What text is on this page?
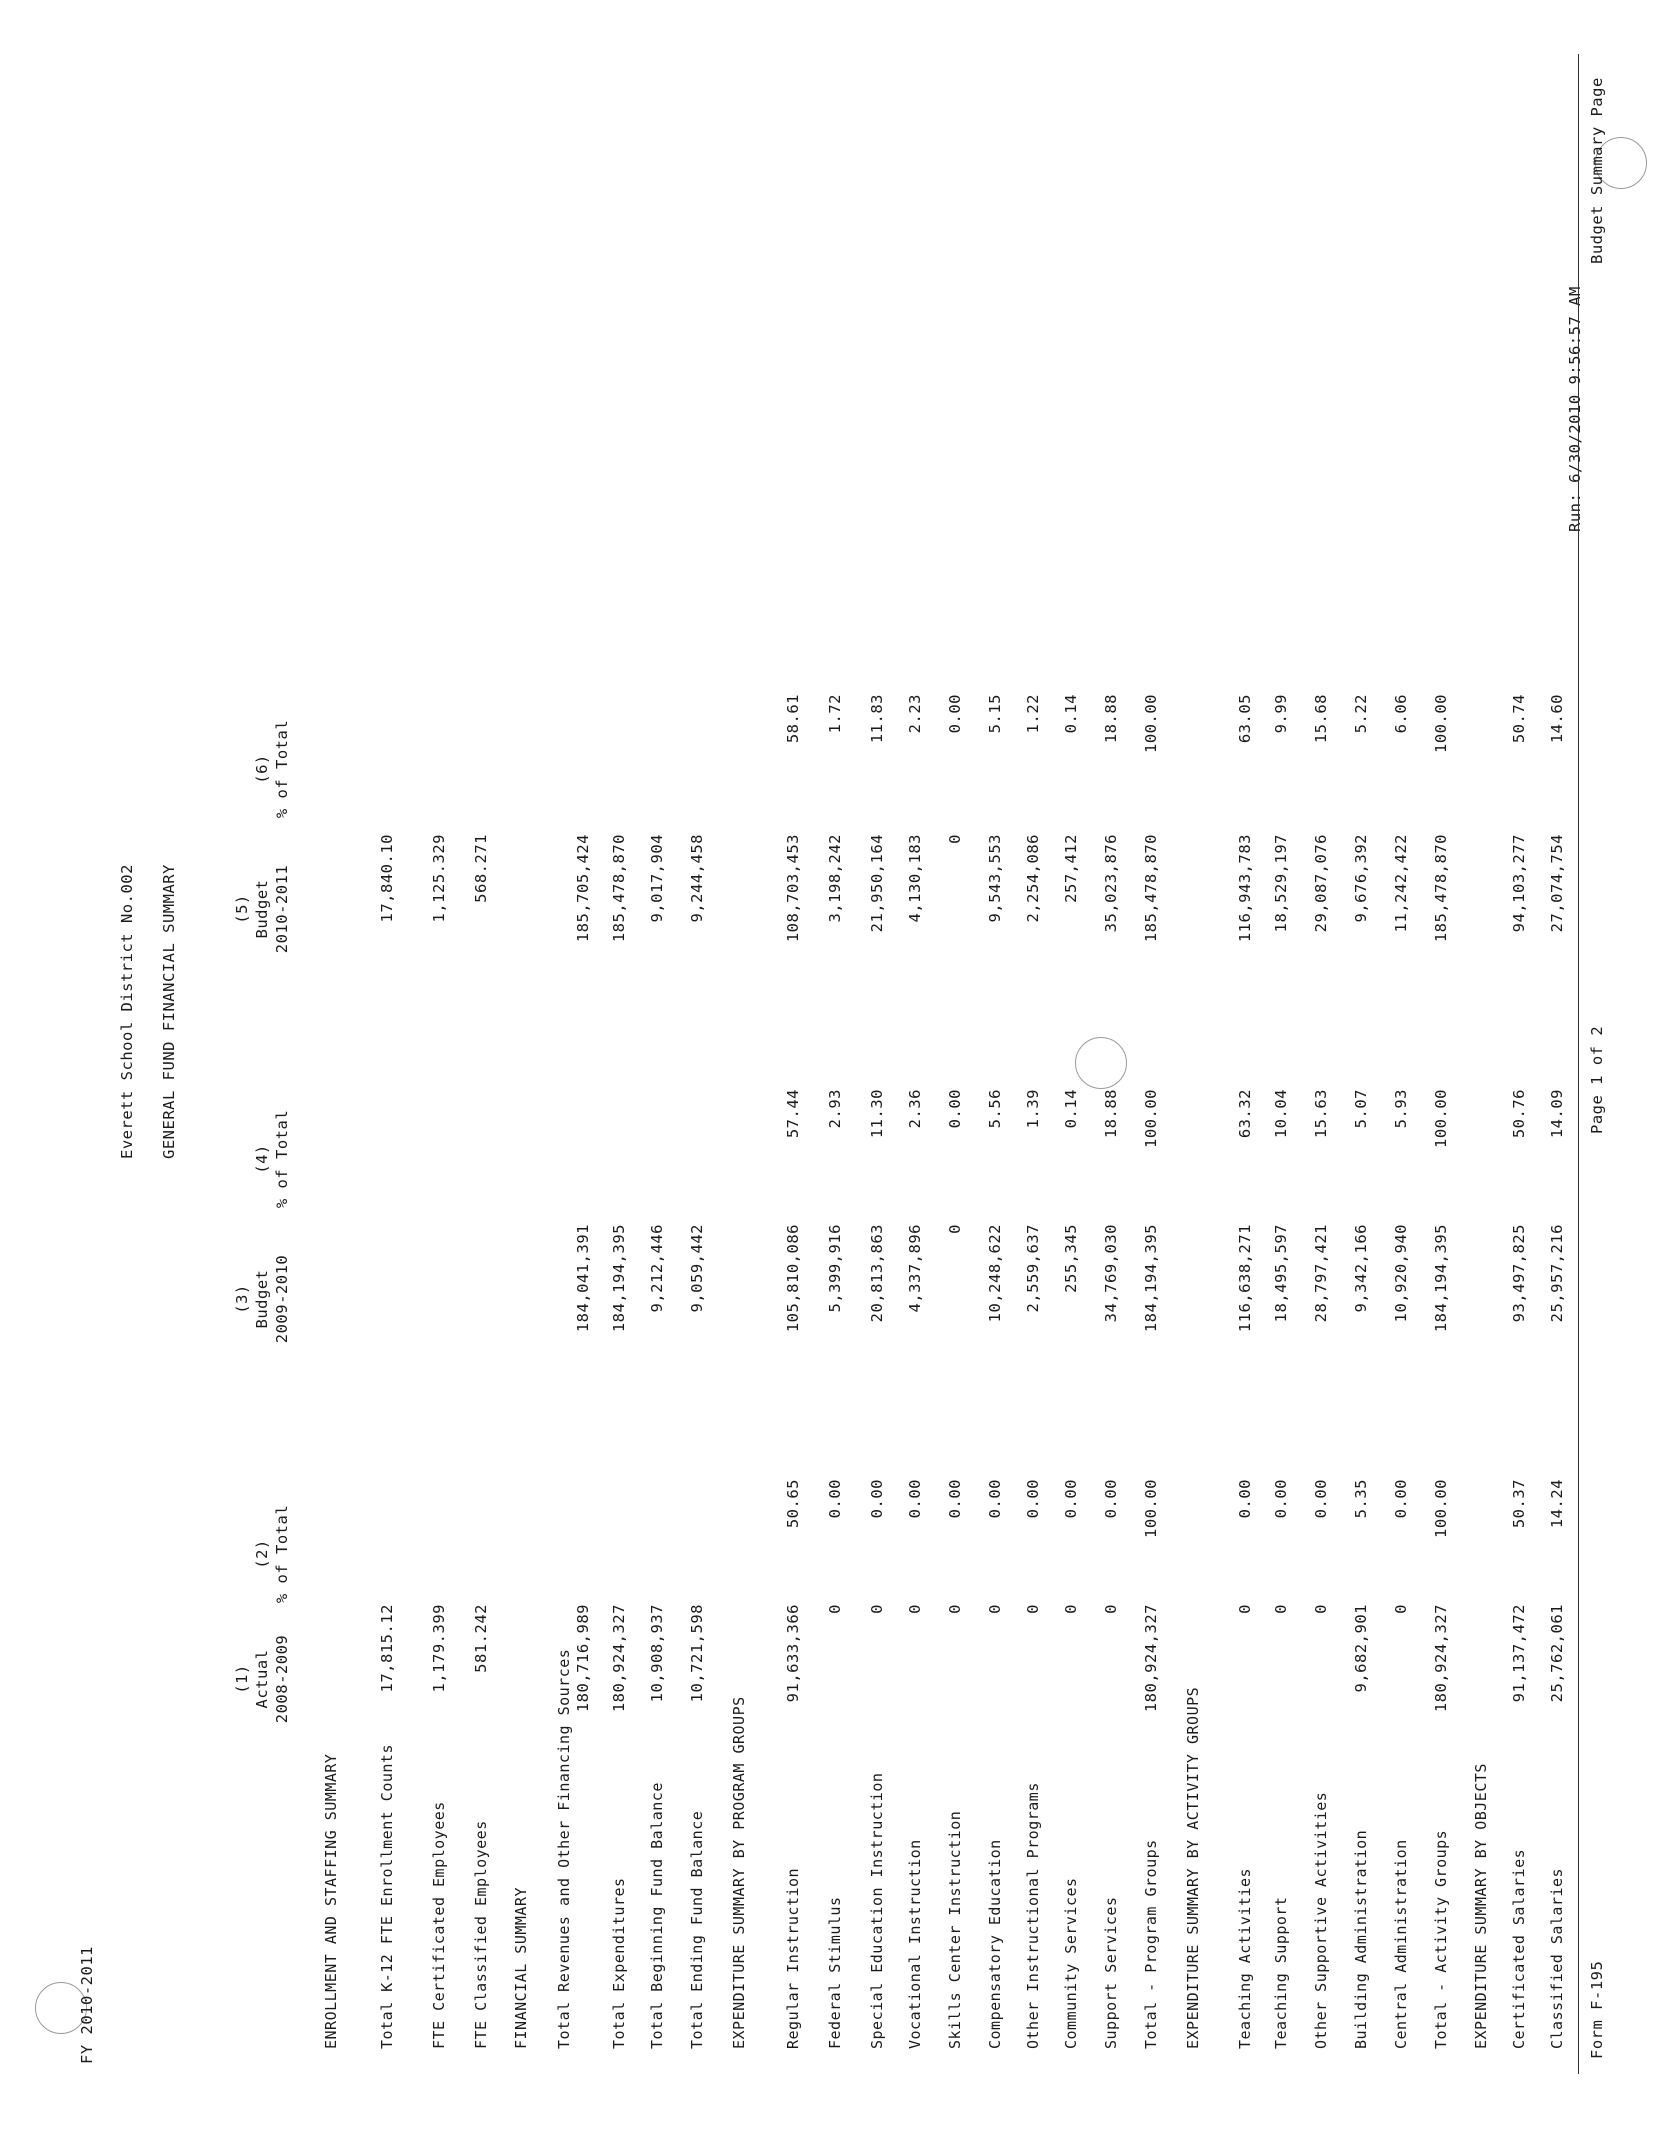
FY 2010-2011
Everett School District No.002
Run: 6/30/2010 9:56:57 AM
GENERAL FUND FINANCIAL SUMMARY
(1) Actual 2008-2009
(2) % of Total
(3) Budget 2009-2010
(4) % of Total
(5) Budget 2010-2011
(6) % of Total
ENROLLMENT AND STAFFING SUMMARY	Total K-12 FTE Enrollment Counts
17,815.12
17,840.10
FTE Certificated Employees
1,179.399
1,125.329
FTE Classified Employees
581.242
568.271
FINANCIAL SUMMARY Total Revenues and Other Financing Sources 180,716,989
184,041,391
185,705,424
Total Expenditures
180,924,327
184,194,395
185,478,870
Total Beginning Fund Balance
10,908,937
9,212,446
9,017,904
Total Ending Fund Balance
10,721,598
9,059,442
9,244,458
EXPENDITURE SUMMARY BY PROGRAM GROUPS Regular Instruction
91,633,366
50.65
105,810,086
57.44
108,703,453
58.61
Federal Stimulus
0
0.00
5,399,916
2.93
3,198,242
1.72
Special Education Instruction
0
0.00
20,813,863
11.30
21,950,164
11.83
Vocational Instruction
0
0.00
4,337,896
2.36
4,130,183
2.23
Skills Center Instruction
0
0.00
0
0.00
0
0.00
Compensatory Education
0
0.00
10,248,622
5.56
9,543,553
5.15
Other Instructional Programs
0
0.00
2,559,637
1.39
2,254,086
1.22
Community Services
0
0.00
255,345
0.14
257,412
0.14
Support Services
0
0.00
34,769,030
18.88
35,023,876
18.88
Total - Program Groups
180,924,327
100.00
184,194,395
100.00
185,478,870
100.00
EXPENDITURE SUMMARY BY ACTIVITY GROUPS Teaching Activities
0
0.00
116,638,271
63.32
116,943,783
63.05
Teaching Support
0
0.00
18,495,597
10.04
18,529,197
9.99
Other Supportive Activities
0
0.00
28,797,421
15.63
29,087,076
15.68
Building Administration
9,682,901
5.35
9,342,166
5.07
9,676,392
5.22
Central Administration
0
0.00
10,920,940
5.93
11,242,422
6.06
Total - Activity Groups
180,924,327
100.00
184,194,395
100.00
185,478,870
100.00
EXPENDITURE SUMMARY BY OBJECTS Certificated Salaries
91,137,472
50.37
93,497,825
50.76
94,103,277
50.74
Classified Salaries
25,762,061
14.24
25,957,216
14.09
27,074,754
14.60
Form F-195
Page 1 of 2
Budget Summary Page
